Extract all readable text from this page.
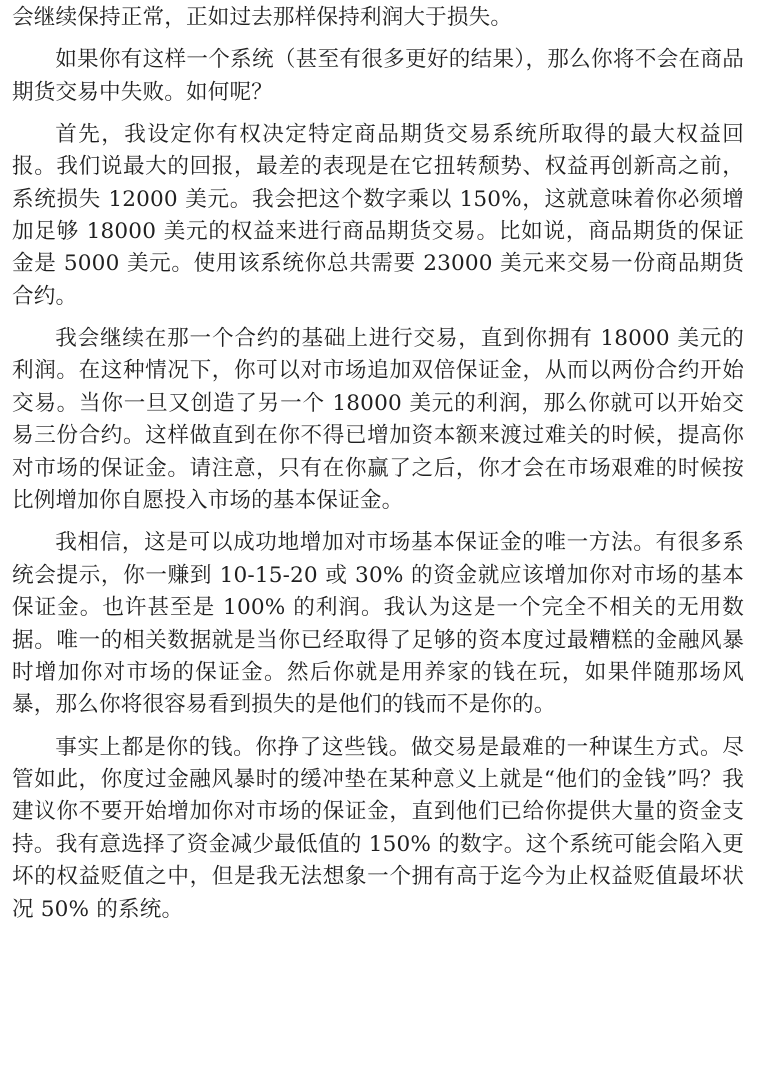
会继续保持正常，正如过去那样保持利润大于损失。

如果你有这样一个系统（甚至有很多更好的结果），那么你将不会在商品期货交易中失败。如何呢？

首先，我设定你有权决定特定商品期货交易系统所取得的最大权益回报。我们说最大的回报，最差的表现是在它扭转颓势、权益再创新高之前，系统损失 12000 美元。我会把这个数字乘以 150%，这就意味着你必须增加足够 18000 美元的权益来进行商品期货交易。比如说，商品期货的保证金是 5000 美元。使用该系统你总共需要 23000 美元来交易一份商品期货合约。

我会继续在那一个合约的基础上进行交易，直到你拥有 18000 美元的利润。在这种情况下，你可以对市场追加双倍保证金，从而以两份合约开始交易。当你一旦又创造了另一个 18000 美元的利润，那么你就可以开始交易三份合约。这样做直到在你不得已增加资本额来渡过难关的时候，提高你对市场的保证金。请注意，只有在你赢了之后，你才会在市场艰难的时候按比例增加你自愿投入市场的基本保证金。

我相信，这是可以成功地增加对市场基本保证金的唯一方法。有很多系统会提示，你一赚到 10-15-20 或 30% 的资金就应该增加你对市场的基本保证金。也许甚至是 100% 的利润。我认为这是一个完全不相关的无用数据。唯一的相关数据就是当你已经取得了足够的资本度过最糟糕的金融风暴时增加你对市场的保证金。然后你就是用养家的钱在玩，如果伴随那场风暴，那么你将很容易看到损失的是他们的钱而不是你的。

事实上都是你的钱。你挣了这些钱。做交易是最难的一种谋生方式。尽管如此，你度过金融风暴时的缓冲垫在某种意义上就是“他们的金钱”吗？我建议你不要开始增加你对市场的保证金，直到他们已给你提供大量的资金支持。我有意选择了资金减少最低值的 150% 的数字。这个系统可能会陷入更坏的权益贬值之中，但是我无法想象一个拥有高于迄今为止权益贬值最坏状况 50% 的系统。
